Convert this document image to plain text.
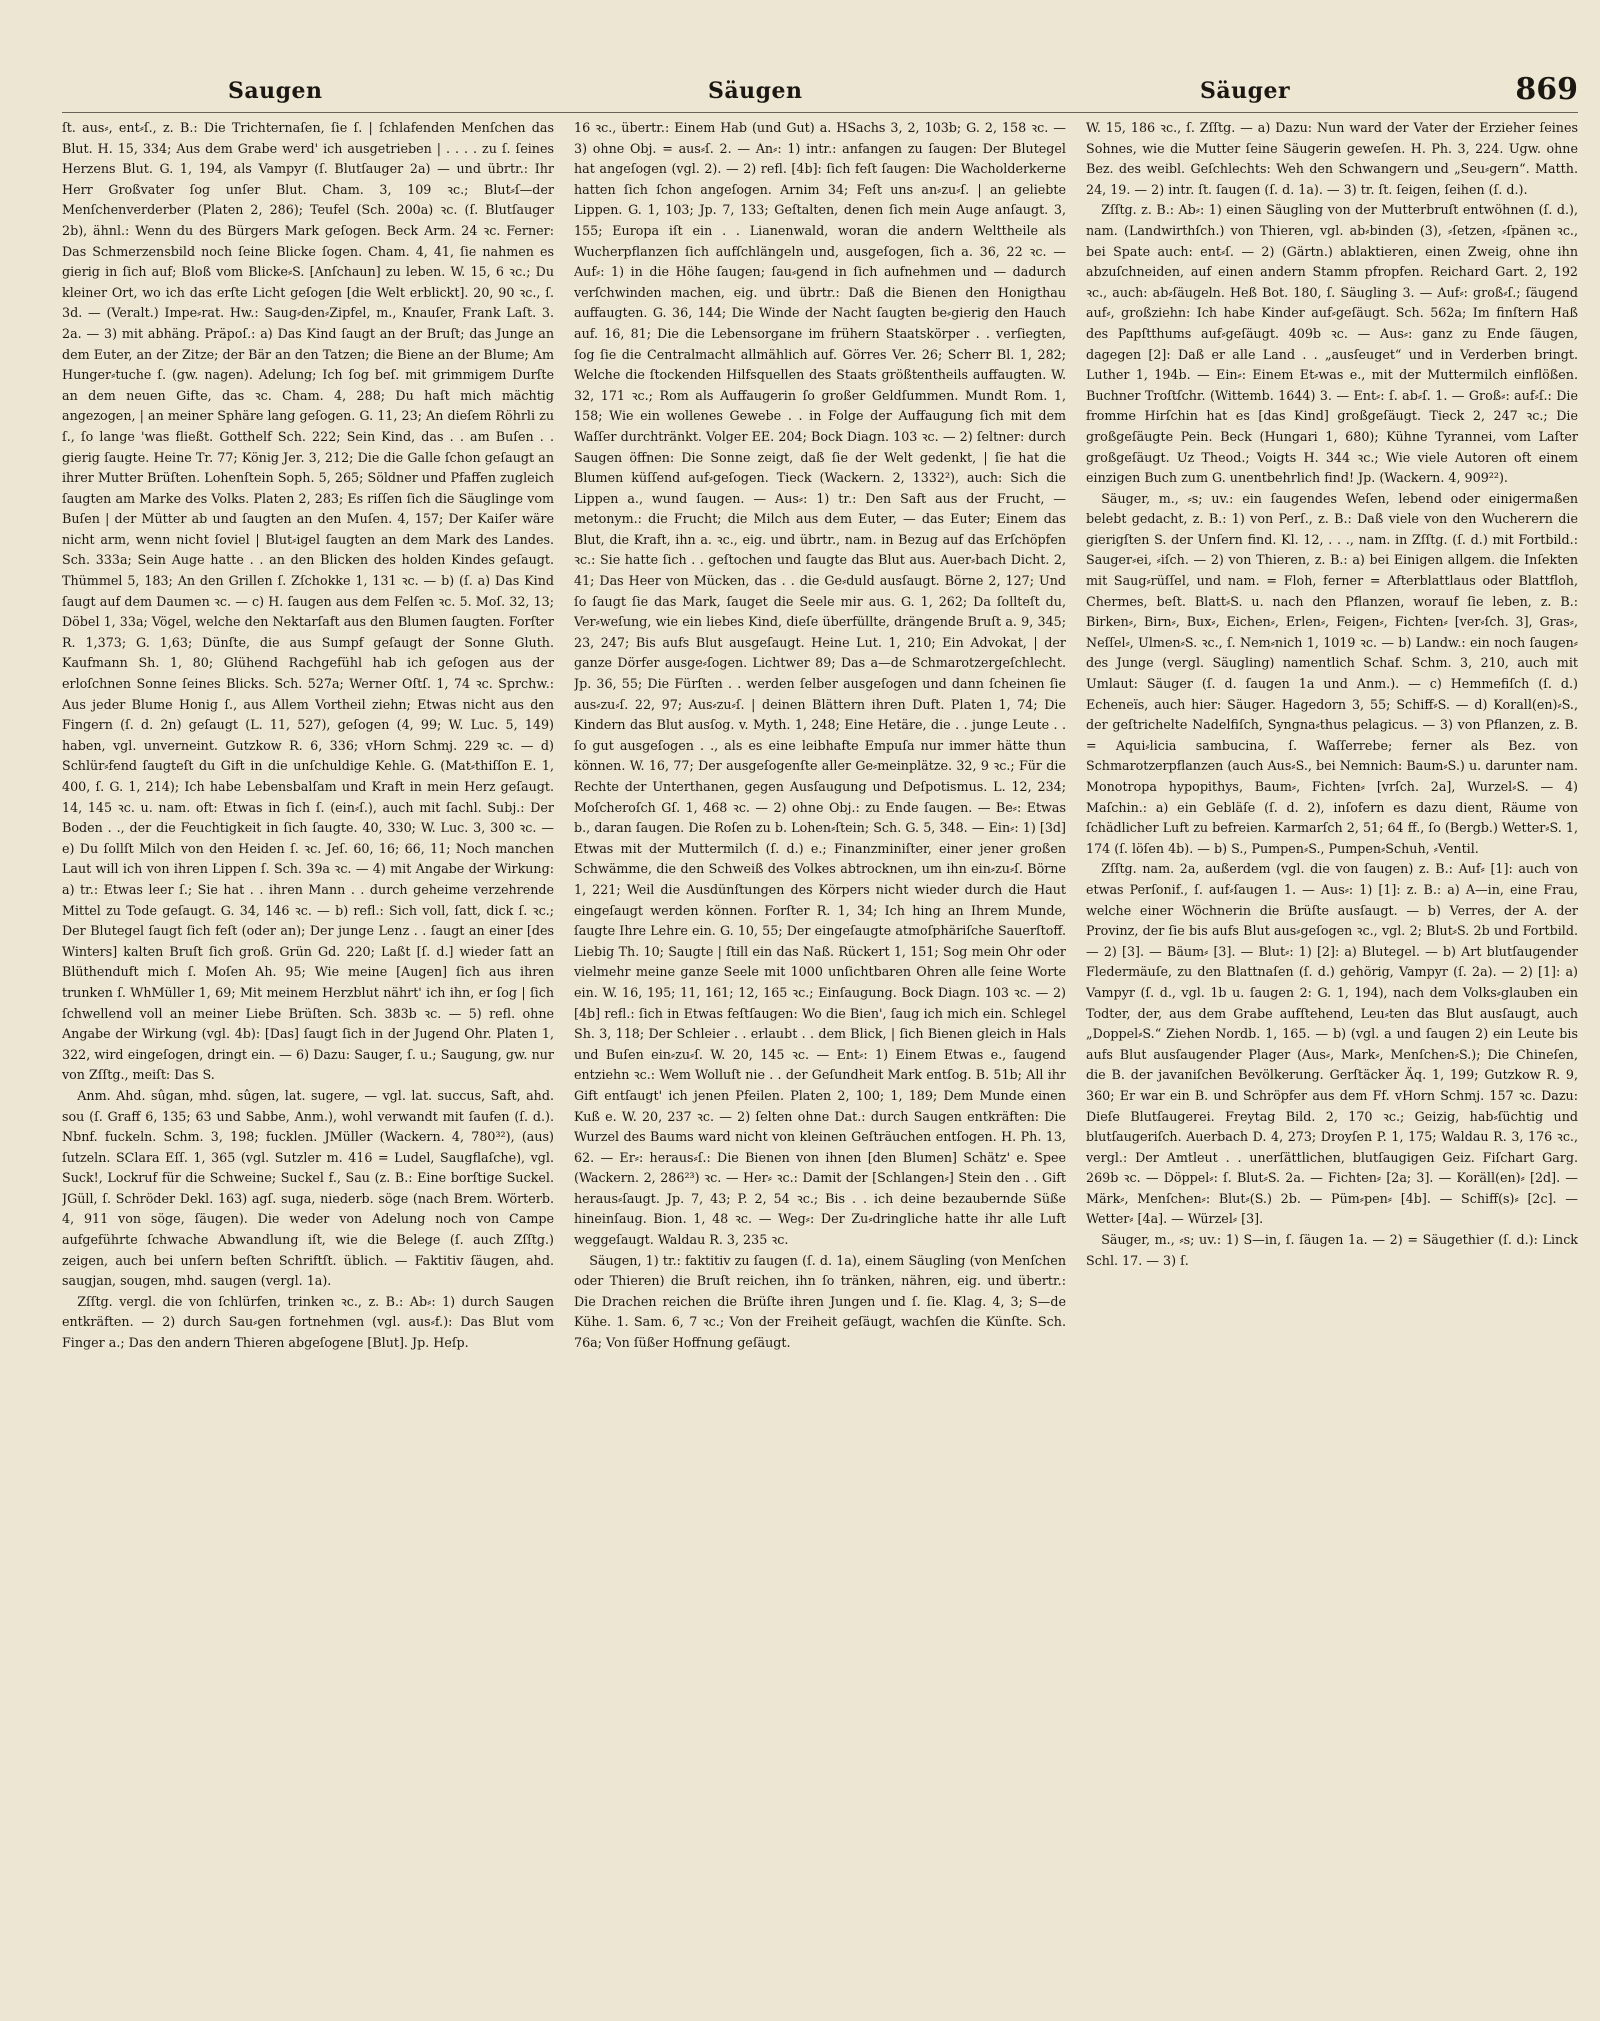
Saugen	Säugen	Säuger	869

ſt. aus⸗, ent⸗ſ., z. B.: Die Trichternaſen, ſie ſ. | ſchlafenden Menſchen das Blut. H. 15, 334; Aus dem Grabe werd' ich ausgetrieben | . . . . zu ſ. ſeines Herzens Blut. G. 1, 194, als Vampyr (ſ. Blutſauger 2a) — und übrtr.: Ihr Herr Großvater ſog unſer Blut. Cham. 3, 109 ꝛc.; Blut⸗ſ—der Menſchenverderber (Platen 2, 286); Teufel (Sch. 200a) ꝛc. (ſ. Blutſauger 2b), ähnl.: Wenn du des Bürgers Mark geſogen. Beck Arm. 24 ꝛc. Ferner: Das Schmerzensbild noch ſeine Blicke ſogen. Cham. 4, 41, ſie nahmen es gierig in ſich auf; Bloß vom Blicke⸗S. [Anſchaun] zu leben. W. 15, 6 ꝛc.; Du kleiner Ort, wo ich das erſte Licht geſogen [die Welt erblickt]. 20, 90 ꝛc., ſ. 3d. — (Veralt.) Impe⸗rat. Hw.: Saug⸗den⸗Zipfel, m., Knauſer, Frank Laſt. 3. 2a. — 3) mit abhäng. Präpoſ.: a) Das Kind ſaugt an der Bruſt; das Junge an dem Euter, an der Zitze; der Bär an den Tatzen; die Biene an der Blume; Am Hunger⸗tuche ſ. (gw. nagen). Adelung; Ich ſog beſ. mit grimmigem Durſte an dem neuen Gifte, das ꝛc. Cham. 4, 288; Du haſt mich mächtig angezogen, | an meiner Sphäre lang geſogen. G. 11, 23; An dieſem Röhrli zu ſ., ſo lange 'was fließt. Gotthelf Sch. 222; Sein Kind, das . . am Buſen . . gierig ſaugte. Heine Tr. 77; König Jer. 3, 212; Die die Galle ſchon geſaugt an ihrer Mutter Brüſten. Lohenſtein Soph. 5, 265; Söldner und Pfaffen zugleich ſaugten am Marke des Volks. Platen 2, 283; Es riſſen ſich die Säuglinge vom Buſen | der Mütter ab und ſaugten an den Muſen. 4, 157; Der Kaiſer wäre nicht arm, wenn nicht ſoviel | Blut⸗igel ſaugten an dem Mark des Landes. Sch. 333a; Sein Auge hatte . . an den Blicken des holden Kindes geſaugt. Thümmel 5, 183; An den Grillen ſ. Zſchokke 1, 131 ꝛc. — b) (ſ. a) Das Kind ſaugt auf dem Daumen ꝛc. — c) H. ſaugen aus dem Felſen ꝛc. 5. Moſ. 32, 13; Döbel 1, 33a; Vögel, welche den Nektarſaft aus den Blumen ſaugten. Forſter R. 1,373; G. 1,63; Dünſte, die aus Sumpf geſaugt der Sonne Gluth. Kaufmann Sh. 1, 80; Glühend Rachgefühl hab ich geſogen aus der erloſchnen Sonne ſeines Blicks. Sch. 527a; Werner Oſtſ. 1, 74 ꝛc. Sprchw.: Aus jeder Blume Honig ſ., aus Allem Vortheil ziehn; Etwas nicht aus den Fingern (ſ. d. 2n) geſaugt (L. 11, 527), geſogen (4, 99; W. Luc. 5, 149) haben, vgl. unverneint. Gutzkow R. 6, 336; vHorn Schmj. 229 ꝛc. — d) Schlür⸗fend ſaugteſt du Gift in die unſchuldige Kehle. G. (Mat⸗thiſſon E. 1, 400, ſ. G. 1, 214); Ich habe Lebensbalſam und Kraft in mein Herz geſaugt. 14, 145 ꝛc. u. nam. oft: Etwas in ſich ſ. (ein⸗ſ.), auch mit ſachl. Subj.: Der Boden . ., der die Feuchtigkeit in ſich ſaugte. 40, 330; W. Luc. 3, 300 ꝛc. — e) Du ſollſt Milch von den Heiden ſ. ꝛc. Jeſ. 60, 16; 66, 11; Noch manchen Laut will ich von ihren Lippen ſ. Sch. 39a ꝛc. — 4) mit Angabe der Wirkung: a) tr.: Etwas leer ſ.; Sie hat . . ihren Mann . . durch geheime verzehrende Mittel zu Tode geſaugt. G. 34, 146 ꝛc. — b) refl.: Sich voll, ſatt, dick ſ. ꝛc.; Der Blutegel ſaugt ſich feſt (oder an); Der junge Lenz . . ſaugt an einer [des Winters] kalten Bruſt ſich groß. Grün Gd. 220; Laßt [ſ. d.] wieder ſatt an Blüthenduft mich ſ. Moſen Ah. 95; Wie meine [Augen] ſich aus ihren trunken ſ. WhMüller 1, 69; Mit meinem Herzblut nährt' ich ihn, er ſog | ſich ſchwellend voll an meiner Liebe Brüſten. Sch. 383b ꝛc. — 5) refl. ohne Angabe der Wirkung (vgl. 4b): [Das] ſaugt ſich in der Jugend Ohr. Platen 1, 322, wird eingeſogen, dringt ein. — 6) Dazu: Sauger, ſ. u.; Saugung, gw. nur von Zſſtg., meiſt: Das S.

Anm. Ahd. sûgan, mhd. sûgen, lat. sugere, — vgl. lat. succus, Saft, ahd. sou (ſ. Graff 6, 135; 63 und Sabbe, Anm.), wohl verwandt mit ſaufen (ſ. d.). Nbnf. fuckeln. Schm. 3, 198; fucklen. JMüller (Wackern. 4, 780³²), (aus) ſutzeln. SClara Eſſ. 1, 365 (vgl. Sutzler m. 416 = Ludel, Saugflaſche), vgl. Suck!, Lockruf für die Schweine; Suckel f., Sau (z. B.: Eine borſtige Suckel. JGüll, ſ. Schröder Dekl. 163) agſ. suga, niederb. söge (nach Brem. Wörterb. 4, 911 von söge, ſäugen). Die weder von Adelung noch von Campe aufgeführte ſchwache Abwandlung iſt, wie die Belege (ſ. auch Zſſtg.) zeigen, auch bei unſern beſten Schriftſt. üblich. — Faktitiv ſäugen, ahd. saugjan, sougen, mhd. saugen (vergl. 1a).

Zſſtg. vergl. die von ſchlürfen, trinken ꝛc., z. B.: Ab⸗: 1) durch Saugen entkräften. — 2) durch Sau⸗gen fortnehmen (vgl. aus⸗f.): Das Blut vom Finger a.; Das den andern Thieren abgeſogene [Blut]. Jp. Heſp.

16 ꝛc., übertr.: Einem Hab (und Gut) a. HSachs 3, 2, 103b; G. 2, 158 ꝛc. — 3) ohne Obj. = aus⸗ſ. 2. — An⸗: 1) intr.: anfangen zu ſaugen: Der Blutegel hat angeſogen (vgl. 2). — 2) refl. [4b]: ſich feſt ſaugen: Die Wacholderkerne hatten ſich ſchon angeſogen. Arnim 34; Feſt uns an⸗zu⸗ſ. | an geliebte Lippen. G. 1, 103; Jp. 7, 133; Geſtalten, denen ſich mein Auge anſaugt. 3, 155; Europa iſt ein . . Lianenwald, woran die andern Welttheile als Wucherpflanzen ſich aufſchlängeln und, ausgeſogen, ſich a. 36, 22 ꝛc. — Auf⸗: 1) in die Höhe ſaugen; ſau⸗gend in ſich aufnehmen und — dadurch verſchwinden machen, eig. und übrtr.: Daß die Bienen den Honigthau auffaugten. G. 36, 144; Die Winde der Nacht ſaugten be⸗gierig den Hauch auf. 16, 81; Die die Lebensorgane im frühern Staatskörper . . verſiegten, ſog ſie die Centralmacht allmählich auf. Görres Ver. 26; Scherr Bl. 1, 282; Welche die ſtockenden Hilfsquellen des Staats größtentheils auffaugten. W. 32, 171 ꝛc.; Rom als Auffaugerin ſo großer Geldſummen. Mundt Rom. 1, 158; Wie ein wollenes Gewebe . . in Folge der Auffaugung ſich mit dem Waſſer durchtränkt. Volger EE. 204; Bock Diagn. 103 ꝛc. — 2) ſeltner: durch Saugen öffnen: Die Sonne zeigt, daß ſie der Welt gedenkt, | ſie hat die Blumen küſſend auf⸗geſogen. Tieck (Wackern. 2, 1332²), auch: Sich die Lippen a., wund ſaugen. — Aus⸗: 1) tr.: Den Saft aus der Frucht, — metonym.: die Frucht; die Milch aus dem Euter, — das Euter; Einem das Blut, die Kraft, ihn a. ꝛc., eig. und übrtr., nam. in Bezug auf das Erſchöpfen ꝛc.: Sie hatte ſich . . geſtochen und ſaugte das Blut aus. Auer⸗bach Dicht. 2, 41; Das Heer von Mücken, das . . die Ge⸗duld ausſaugt. Börne 2, 127; Und ſo ſaugt ſie das Mark, ſauget die Seele mir aus. G. 1, 262; Da ſollteſt du, Ver⸗weſung, wie ein liebes Kind, dieſe überfüllte, drängende Bruſt a. 9, 345; 23, 247; Bis aufs Blut ausgeſaugt. Heine Lut. 1, 210; Ein Advokat, | der ganze Dörfer ausge⸗ſogen. Lichtwer 89; Das a—de Schmarotzergeſchlecht. Jp. 36, 55; Die Fürſten . . werden ſelber ausgeſogen und dann ſcheinen ſie aus⸗zu⸗ſ. 22, 97; Aus⸗zu⸗ſ. | deinen Blättern ihren Duft. Platen 1, 74; Die Kindern das Blut ausſog. v. Myth. 1, 248; Eine Hetäre, die . . junge Leute . . ſo gut ausgeſogen . ., als es eine leibhafte Empuſa nur immer hätte thun können. W. 16, 77; Der ausgeſogenſte aller Ge⸗meinplätze. 32, 9 ꝛc.; Für die Rechte der Unterthanen, gegen Ausſaugung und Deſpotismus. L. 12, 234; Moſcheroſch Gſ. 1, 468 ꝛc. — 2) ohne Obj.: zu Ende ſaugen. — Be⸗: Etwas b., daran ſaugen. Die Roſen zu b. Lohen⸗ſtein; Sch. G. 5, 348. — Ein⸗: 1) [3d] Etwas mit der Muttermilch (ſ. d.) e.; Finanzminiſter, einer jener großen Schwämme, die den Schweiß des Volkes abtrocknen, um ihn ein⸗zu⸗ſ. Börne 1, 221; Weil die Ausdünſtungen des Körpers nicht wieder durch die Haut eingeſaugt werden können. Forſter R. 1, 34; Ich hing an Ihrem Munde, ſaugte Ihre Lehre ein. G. 10, 55; Der eingeſaugte atmoſphäriſche Sauerſtoff. Liebig Th. 10; Saugte | ſtill ein das Naß. Rückert 1, 151; Sog mein Ohr oder vielmehr meine ganze Seele mit 1000 unſichtbaren Ohren alle ſeine Worte ein. W. 16, 195; 11, 161; 12, 165 ꝛc.; Einſaugung. Bock Diagn. 103 ꝛc. — 2) [4b] refl.: ſich in Etwas feſtſaugen: Wo die Bien', ſaug ich mich ein. Schlegel Sh. 3, 118; Der Schleier . . erlaubt . . dem Blick, | ſich Bienen gleich in Hals und Buſen ein⸗zu⸗ſ. W. 20, 145 ꝛc. — Ent⸗: 1) Einem Etwas e., ſaugend entziehn ꝛc.: Wem Wolluſt nie . . der Geſundheit Mark entſog. B. 51b; All ihr Gift entſaugt' ich jenen Pfeilen. Platen 2, 100; 1, 189; Dem Munde einen Kuß e. W. 20, 237 ꝛc. — 2) ſelten ohne Dat.: durch Saugen entkräften: Die Wurzel des Baums ward nicht von kleinen Geſträuchen entſogen. H. Ph. 13, 62. — Er⸗: heraus⸗ſ.: Die Bienen von ihnen [den Blumen] Schätz' e. Spee (Wackern. 2, 286²³) ꝛc. — Her⸗ ꝛc.: Damit der [Schlangen⸗] Stein den . . Gift heraus⸗ſaugt. Jp. 7, 43; P. 2, 54 ꝛc.; Bis . . ich deine bezaubernde Süße hineinſaug. Bion. 1, 48 ꝛc. — Weg⸗: Der Zu⸗dringliche hatte ihr alle Luft weggeſaugt. Waldau R. 3, 235 ꝛc.

Säugen, 1) tr.: faktitiv zu ſaugen (ſ. d. 1a), einem Säugling (von Menſchen oder Thieren) die Bruſt reichen, ihn ſo tränken, nähren, eig. und übertr.: Die Drachen reichen die Brüſte ihren Jungen und ſ. ſie. Klag. 4, 3; S—de Kühe. 1. Sam. 6, 7 ꝛc.; Von der Freiheit geſäugt, wachſen die Künſte. Sch. 76a; Von ſüßer Hoffnung geſäugt.

W. 15, 186 ꝛc., ſ. Zſſtg. — a) Dazu: Nun ward der Vater der Erzieher ſeines Sohnes, wie die Mutter ſeine Säugerin geweſen. H. Ph. 3, 224. Ugw. ohne Bez. des weibl. Geſchlechts: Weh den Schwangern und „Seu⸗gern“. Matth. 24, 19. — 2) intr. ſt. ſaugen (ſ. d. 1a). — 3) tr. ſt. ſeigen, ſeihen (ſ. d.).

Zſſtg. z. B.: Ab⸗: 1) einen Säugling von der Mutterbruſt entwöhnen (ſ. d.), nam. (Landwirthſch.) von Thieren, vgl. ab⸗binden (3), ⸗ſetzen, ⸗ſpänen ꝛc., bei Spate auch: ent⸗ſ. — 2) (Gärtn.) ablaktieren, einen Zweig, ohne ihn abzuſchneiden, auf einen andern Stamm pfropfen. Reichard Gart. 2, 192 ꝛc., auch: ab⸗ſäugeln. Heß Bot. 180, ſ. Säugling 3. — Auf⸗: groß⸗ſ.; ſäugend auf⸗, großziehn: Ich habe Kinder auf⸗geſäugt. Sch. 562a; Im finſtern Haß des Papſtthums auf⸗geſäugt. 409b ꝛc. — Aus⸗: ganz zu Ende ſäugen, dagegen [2]: Daß er alle Land . . „ausſeuget“ und in Verderben bringt. Luther 1, 194b. — Ein⸗: Einem Et⸗was e., mit der Muttermilch einflößen. Buchner Troſtſchr. (Wittemb. 1644) 3. — Ent⸗: ſ. ab⸗ſ. 1. — Groß⸗: auf⸗ſ.: Die fromme Hirſchin hat es [das Kind] großgeſäugt. Tieck 2, 247 ꝛc.; Die großgeſäugte Pein. Beck (Hungari 1, 680); Kühne Tyrannei, vom Laſter großgeſäugt. Uz Theod.; Voigts H. 344 ꝛc.; Wie viele Autoren oft einem einzigen Buch zum G. unentbehrlich find! Jp. (Wackern. 4, 909²²).

Säuger, m., ⸗s; uv.: ein ſaugendes Weſen, lebend oder einigermaßen belebt gedacht, z. B.: 1) von Perſ., z. B.: Daß viele von den Wucherern die gierigſten S. der Unſern find. Kl. 12, . . ., nam. in Zſſtg. (ſ. d.) mit Fortbild.: Sauger⸗ei, ⸗iſch. — 2) von Thieren, z. B.: a) bei Einigen allgem. die Inſekten mit Saug⸗rüſſel, und nam. = Floh, ferner = Afterblattlaus oder Blattfloh, Chermes, beſt. Blatt⸗S. u. nach den Pflanzen, worauf ſie leben, z. B.: Birken⸗, Birn⸗, Bux⸗, Eichen⸗, Erlen⸗, Feigen⸗, Fichten⸗ [ver⸗ſch. 3], Gras⸗, Neſſel⸗, Ulmen⸗S. ꝛc., ſ. Nem⸗nich 1, 1019 ꝛc. — b) Landw.: ein noch ſaugen⸗des Junge (vergl. Säugling) namentlich Schaf. Schm. 3, 210, auch mit Umlaut: Säuger (ſ. d. ſaugen 1a und Anm.). — c) Hemmefiſch (ſ. d.) Echeneïs, auch hier: Säuger. Hagedorn 3, 55; Schiff⸗S. — d) Korall(en)⸗S., der geſtrichelte Nadelfiſch, Syngna⸗thus pelagicus. — 3) von Pflanzen, z. B. = Aqui⸗licia sambucina, ſ. Waſſerrebe; ferner als Bez. von Schmarotzerpflanzen (auch Aus⸗S., bei Nemnich: Baum⸗S.) u. darunter nam. Monotropa hypopithys, Baum⸗, Fichten⸗ [vrſch. 2a], Wurzel⸗S. — 4) Maſchin.: a) ein Gebläſe (ſ. d. 2), inſofern es dazu dient, Räume von ſchädlicher Luft zu befreien. Karmarſch 2, 51; 64 ff., ſo (Bergb.) Wetter⸗S. 1, 174 (ſ. löſen 4b). — b) S., Pumpen⸗S., Pumpen⸗Schuh, ⸗Ventil.

Zſſtg. nam. 2a, außerdem (vgl. die von ſaugen) z. B.: Auf⸗ [1]: auch von etwas Perſonif., ſ. auf⸗ſaugen 1. — Aus⸗: 1) [1]: z. B.: a) A—in, eine Frau, welche einer Wöchnerin die Brüſte ausſaugt. — b) Verres, der A. der Provinz, der ſie bis aufs Blut aus⸗geſogen ꝛc., vgl. 2; Blut⸗S. 2b und Fortbild. — 2) [3]. — Bäum⸗ [3]. — Blut⸗: 1) [2]: a) Blutegel. — b) Art blutſaugender Fledermäuſe, zu den Blattnaſen (ſ. d.) gehörig, Vampyr (ſ. 2a). — 2) [1]: a) Vampyr (ſ. d., vgl. 1b u. ſaugen 2: G. 1, 194), nach dem Volks⸗glauben ein Todter, der, aus dem Grabe aufſtehend, Leu⸗ten das Blut ausſaugt, auch „Doppel⸗S.“ Ziehen Nordb. 1, 165. — b) (vgl. a und ſaugen 2) ein Leute bis aufs Blut ausſaugender Plager (Aus⸗, Mark⸗, Menſchen⸗S.); Die Chineſen, die B. der javaniſchen Bevölkerung. Gerſtäcker Äq. 1, 199; Gutzkow R. 9, 360; Er war ein B. und Schröpfer aus dem Ff. vHorn Schmj. 157 ꝛc. Dazu: Dieſe Blutſaugerei. Freytag Bild. 2, 170 ꝛc.; Geizig, hab⸗ſüchtig und blutſaugeriſch. Auerbach D. 4, 273; Droyſen P. 1, 175; Waldau R. 3, 176 ꝛc., vergl.: Der Amtleut . . unerſättlichen, blutſaugigen Geiz. Fiſchart Garg. 269b ꝛc. — Döppel⸗: ſ. Blut⸗S. 2a. — Fichten⸗ [2a; 3]. — Koräll(en)⸗ [2d]. — Märk⸗, Menſchen⸗: Blut⸗(S.) 2b. — Püm⸗pen⸗ [4b]. — Schiff(s)⸗ [2c]. — Wetter⸗ [4a]. — Würzel⸗ [3].

Säuger, m., ⸗s; uv.: 1) S—in, ſ. ſäugen 1a. — 2) = Säugethier (ſ. d.): Linck Schl. 17. — 3) ſ.
